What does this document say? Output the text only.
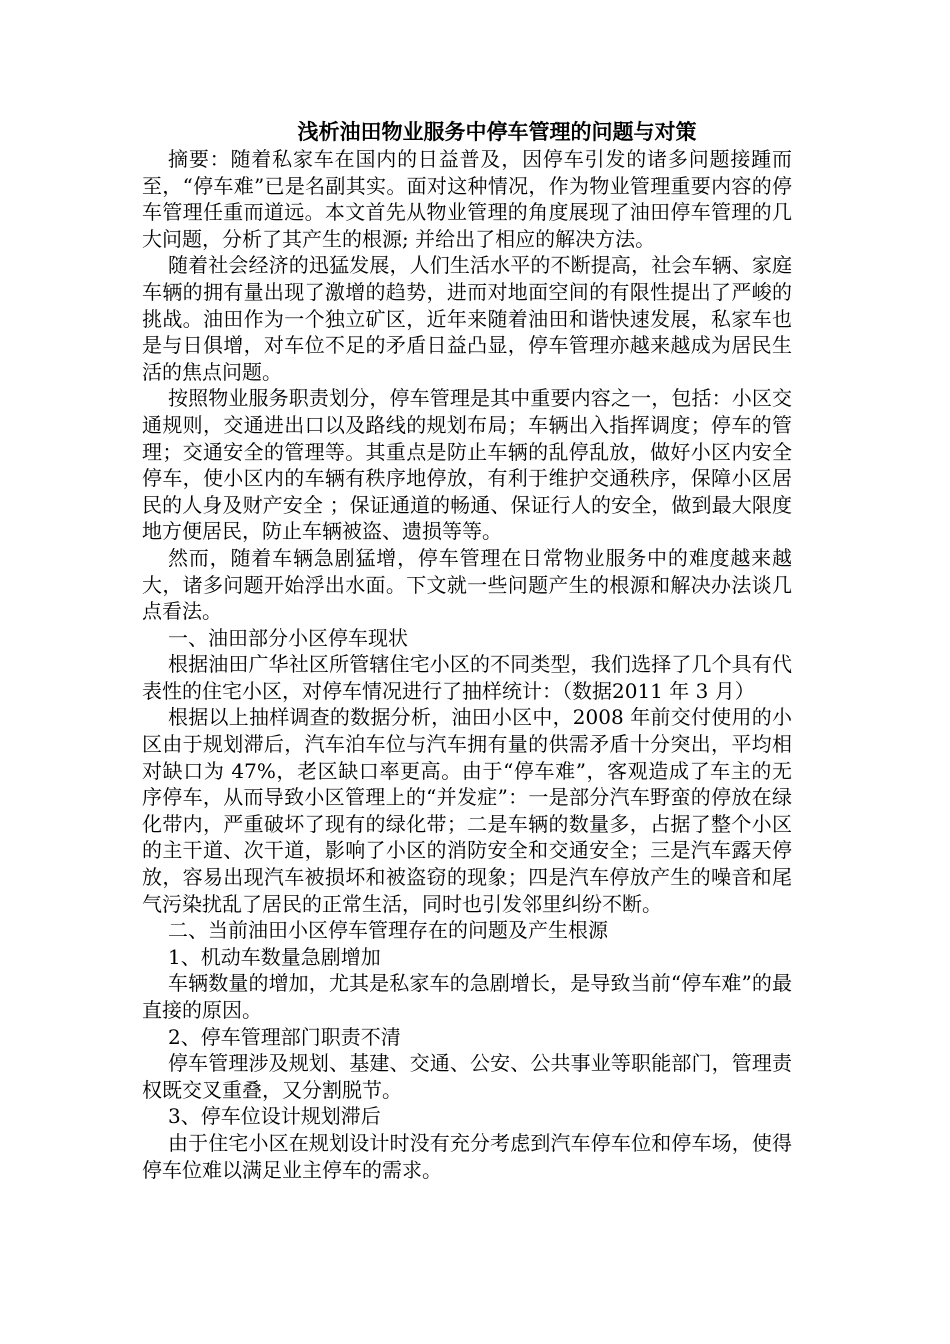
浅析油田物业服务中停车管理的问题与对策

摘要：随着私家车在国内的日益普及，因停车引发的诸多问题接踵而至，“停车难”已是名副其实。面对这种情况，作为物业管理重要内容的停车管理任重而道远。本文首先从物业管理的角度展现了油田停车管理的几大问题，分析了其产生的根源; 并给出了相应的解决方法。

随着社会经济的迅猛发展，人们生活水平的不断提高，社会车辆、家庭车辆的拥有量出现了激增的趋势，进而对地面空间的有限性提出了严峻的挑战。油田作为一个独立矿区，近年来随着油田和谐快速发展，私家车也是与日俱增，对车位不足的矛盾日益凸显，停车管理亦越来越成为居民生活的焦点问题。

按照物业服务职责划分，停车管理是其中重要内容之一，包括：小区交通规则，交通进出口以及路线的规划布局；车辆出入指挥调度；停车的管理；交通安全的管理等。其重点是防止车辆的乱停乱放，做好小区内安全停车，使小区内的车辆有秩序地停放，有利于维护交通秩序，保障小区居民的人身及财产安全 ；保证通道的畅通、保证行人的安全，做到最大限度地方便居民，防止车辆被盗、遗损等等。

然而，随着车辆急剧猛增，停车管理在日常物业服务中的难度越来越大，诸多问题开始浮出水面。下文就一些问题产生的根源和解决办法谈几点看法。

一、油田部分小区停车现状

根据油田广华社区所管辖住宅小区的不同类型，我们选择了几个具有代表性的住宅小区，对停车情况进行了抽样统计：（数据2011 年 3 月）

根据以上抽样调查的数据分析，油田小区中，2008 年前交付使用的小区由于规划滞后，汽车泊车位与汽车拥有量的供需矛盾十分突出，平均相对缺口为 47%，老区缺口率更高。由于“停车难”，客观造成了车主的无序停车，从而导致小区管理上的“并发症”：一是部分汽车野蛮的停放在绿化带内，严重破坏了现有的绿化带；二是车辆的数量多，占据了整个小区的主干道、次干道，影响了小区的消防安全和交通安全；三是汽车露天停放，容易出现汽车被损坏和被盗窃的现象；四是汽车停放产生的噪音和尾气污染扰乱了居民的正常生活，同时也引发邻里纠纷不断。

二、当前油田小区停车管理存在的问题及产生根源

1、机动车数量急剧增加

车辆数量的增加，尤其是私家车的急剧增长，是导致当前“停车难”的最直接的原因。

2、停车管理部门职责不清

停车管理涉及规划、基建、交通、公安、公共事业等职能部门，管理责权既交叉重叠，又分割脱节。

3、停车位设计规划滞后

由于住宅小区在规划设计时没有充分考虑到汽车停车位和停车场，使得停车位难以满足业主停车的需求。
